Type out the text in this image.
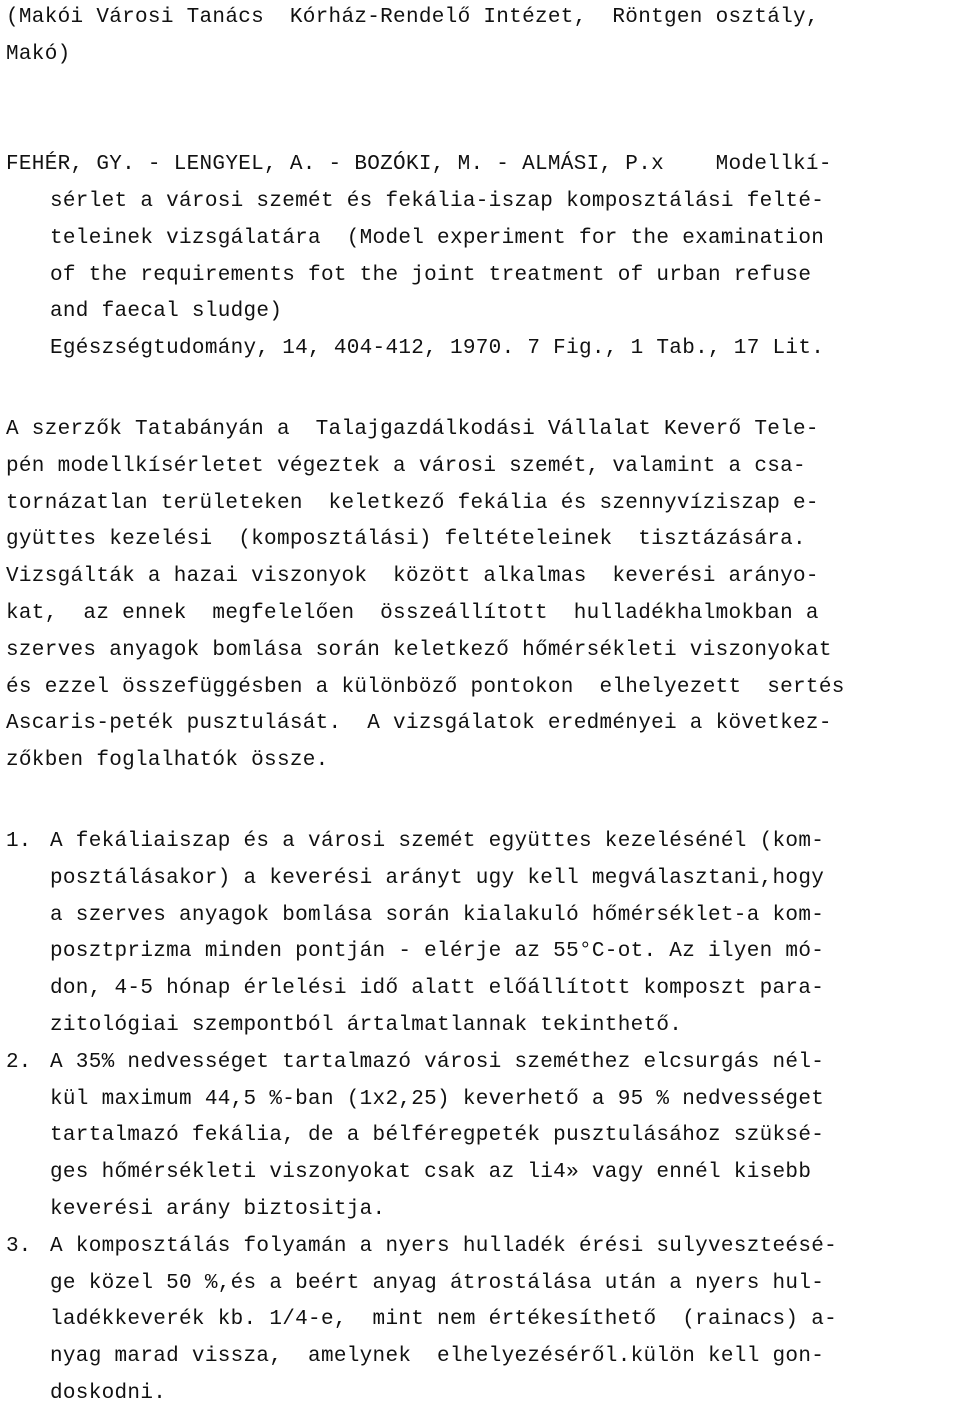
(Makói Városi Tanács  Kórház-Rendelő Intézet,  Röntgen osztály,
Makó)
FEHÉR, GY. - LENGYEL, A. - BOZÓKI, M. - ALMÁSI, P.x    Modellkí-
sérlet a városi szemét és fekália-iszap komposztálási felté-
teleinek vizsgálatára  (Model experiment for the examination
of the requirements fot the joint treatment of urban refuse
and faecal sludge)
Egészségtudomány, 14, 404-412, 1970. 7 Fig., 1 Tab., 17 Lit.
A szerzők Tatabányán a  Talajgazdálkodási Vállalat Keverő Tele-
pén modellkísérletet végeztek a városi szemét, valamint a csa-
tornázatlan területeken  keletkező fekália és szennyvíziszap e-
gyüttes kezelési  (komposztálási) feltételeinek  tisztázására.
Vizsgálták a hazai viszonyok  között alkalmas  keverési arányo-
kat,  az ennek  megfelelően  összeállított  hulladékhalmokban a
szerves anyagok bomlása során keletkező hőmérsékleti viszonyokat
és ezzel összefüggésben a különböző pontokon  elhelyezett  sertés
Ascaris-peték pusztulását.  A vizsgálatok eredményei a következ-
zőkben foglalhatók össze.
1. A fekáliaiszap és a városi szemét együttes kezelésénél (kom-
posztálásakor) a keverési arányt ugy kell megválasztani,hogy
a szerves anyagok bomlása során kialakuló hőmérséklet-a kom-
posztprizma minden pontján - elérje az 55°C-ot. Az ilyen mó-
don, 4-5 hónap érlelési idő alatt előállított komposzt para-
zitológiai szempontból ártalmatlannak tekinthető.
2. A 35% nedvességet tartalmazó városi szeméthez elcsurgás nél-
kül maximum 44,5 %-ban (1x2,25) keverhető a 95 % nedvességet
tartalmazó fekália, de a bélféregpeték pusztulásához szüksé-
ges hőmérsékleti viszonyokat csak az li4» vagy ennél kisebb
keverési arány biztositja.
3. A komposztálás folyamán a nyers hulladék érési sulyveszteésé-
ge közel 50 %,és a beért anyag átrostálása után a nyers hul-
ladékkeverék kb. 1/4-e,  mint nem értékesíthető  (rainacs) a-
nyag marad vissza,  amelynek  elhelyezéséről.külön kell gon-
doskodni.
